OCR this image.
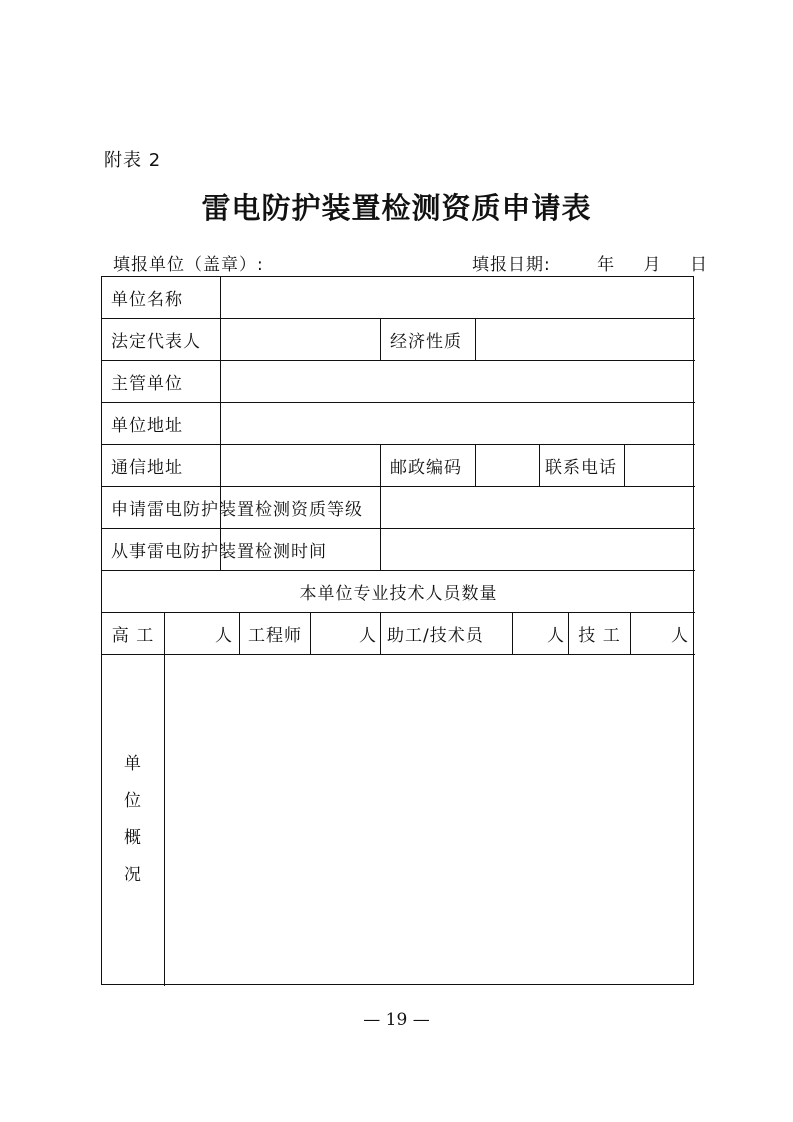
附表 2
雷电防护装置检测资质申请表
填报单位（盖章）:	填报日期:	年 月 日
单位名称
法定代表人	经济性质
主管单位
单位地址
通信地址	邮政编码	联系电话
申请雷电防护装置检测资质等级
从事雷电防护装置检测时间
本单位专业技术人员数量
高 工	人 工程师	人 助工/技术员	人 技 工	人
单
位
概
况
— 19 —
